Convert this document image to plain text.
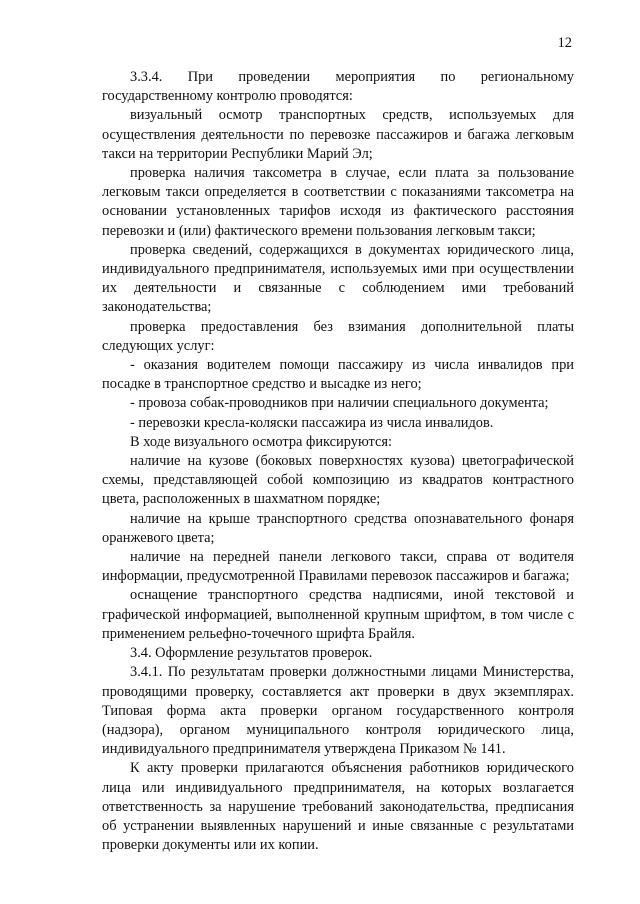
12

3.3.4. При проведении мероприятия по региональному государственному контролю проводятся:

визуальный осмотр транспортных средств, используемых для осуществления деятельности по перевозке пассажиров и багажа легковым такси на территории Республики Марий Эл;

проверка наличия таксометра в случае, если плата за пользование легковым такси определяется в соответствии с показаниями таксометра на основании установленных тарифов исходя из фактического расстояния перевозки и (или) фактического времени пользования легковым такси;

проверка сведений, содержащихся в документах юридического лица, индивидуального предпринимателя, используемых ими при осуществлении их деятельности и связанные с соблюдением ими требований законодательства;

проверка предоставления без взимания дополнительной платы следующих услуг:

- оказания водителем помощи пассажиру из числа инвалидов при посадке в транспортное средство и высадке из него;

- провоза собак-проводников при наличии специального документа;

- перевозки кресла-коляски пассажира из числа инвалидов.

В ходе визуального осмотра фиксируются:

наличие на кузове (боковых поверхностях кузова) цветографической схемы, представляющей собой композицию из квадратов контрастного цвета, расположенных в шахматном порядке;

наличие на крыше транспортного средства опознавательного фонаря оранжевого цвета;

наличие на передней панели легкового такси, справа от водителя информации, предусмотренной Правилами перевозок пассажиров и багажа;

оснащение транспортного средства надписями, иной текстовой и графической информацией, выполненной крупным шрифтом, в том числе с применением рельефно-точечного шрифта Брайля.

3.4. Оформление результатов проверок.

3.4.1. По результатам проверки должностными лицами Министерства, проводящими проверку, составляется акт проверки в двух экземплярах. Типовая форма акта проверки органом государственного контроля (надзора), органом муниципального контроля юридического лица, индивидуального предпринимателя утверждена Приказом № 141.

К акту проверки прилагаются объяснения работников юридического лица или индивидуального предпринимателя, на которых возлагается ответственность за нарушение требований законодательства, предписания об устранении выявленных нарушений и иные связанные с результатами проверки документы или их копии.
